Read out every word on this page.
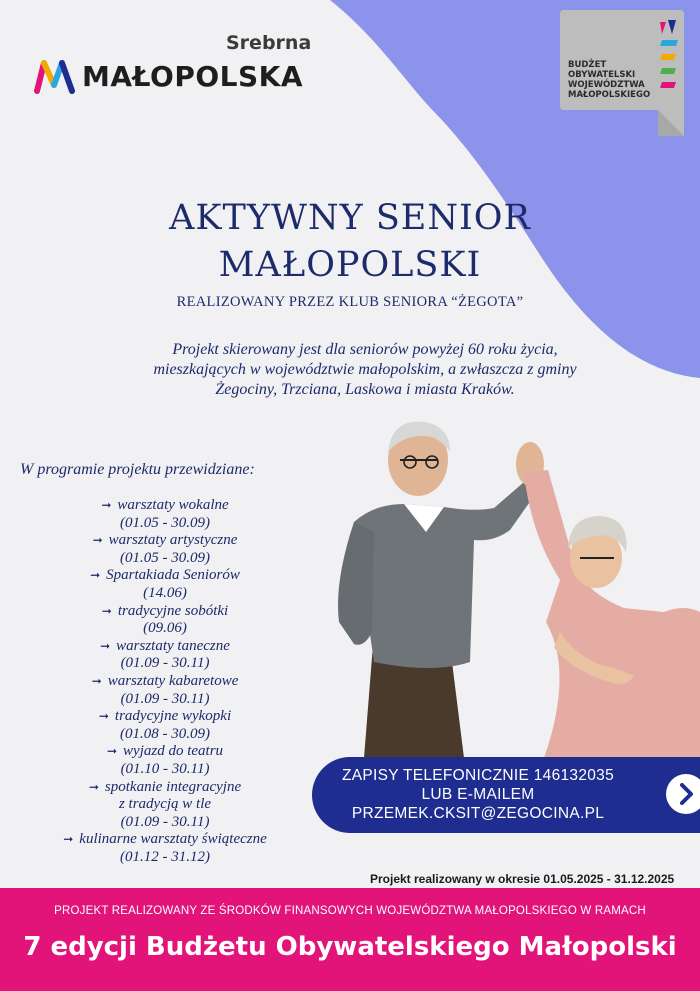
Srebrna
MAŁOPOLSKA	BUDŻET
OBYWATELSKI
WOJEWÓDZTWA
MAŁOPOLSKIEGO
AKTYWNY SENIOR
MAŁOPOLSKI
REALIZOWANY PRZEZ KLUB SENIORA “ŻEGOTA”
Projekt skierowany jest dla seniorów powyżej 60 roku życia,
mieszkających w województwie małopolskim, a zwłaszcza z gminy
Żegociny, Trzciana, Laskowa i miasta Kraków.
W programie projektu przewidziane:
➞ warsztaty wokalne
(01.05 - 30.09)
➞ warsztaty artystyczne
(01.05 - 30.09)
➞ Spartakiada Seniorów
(14.06)
➞ tradycyjne sobótki
(09.06)
➞ warsztaty taneczne
(01.09 - 30.11)
➞ warsztaty kabaretowe
(01.09 - 30.11)
➞ tradycyjne wykopki
(01.08 - 30.09)
➞ wyjazd do teatru
(01.10 - 30.11)
➞ spotkanie integracyjne
z tradycją w tle
(01.09 - 30.11)
➞ kulinarne warsztaty świąteczne
(01.12 - 31.12)
ZAPISY TELEFONICZNIE 146132035
LUB E-MAILEM
PRZEMEK.CKSIT@ZEGOCINA.PL
Projekt realizowany w okresie 01.05.2025 - 31.12.2025
PROJEKT REALIZOWANY ZE ŚRODKÓW FINANSOWYCH WOJEWÓDZTWA MAŁOPOLSKIEGO W RAMACH
7 edycji Budżetu Obywatelskiego Małopolski
